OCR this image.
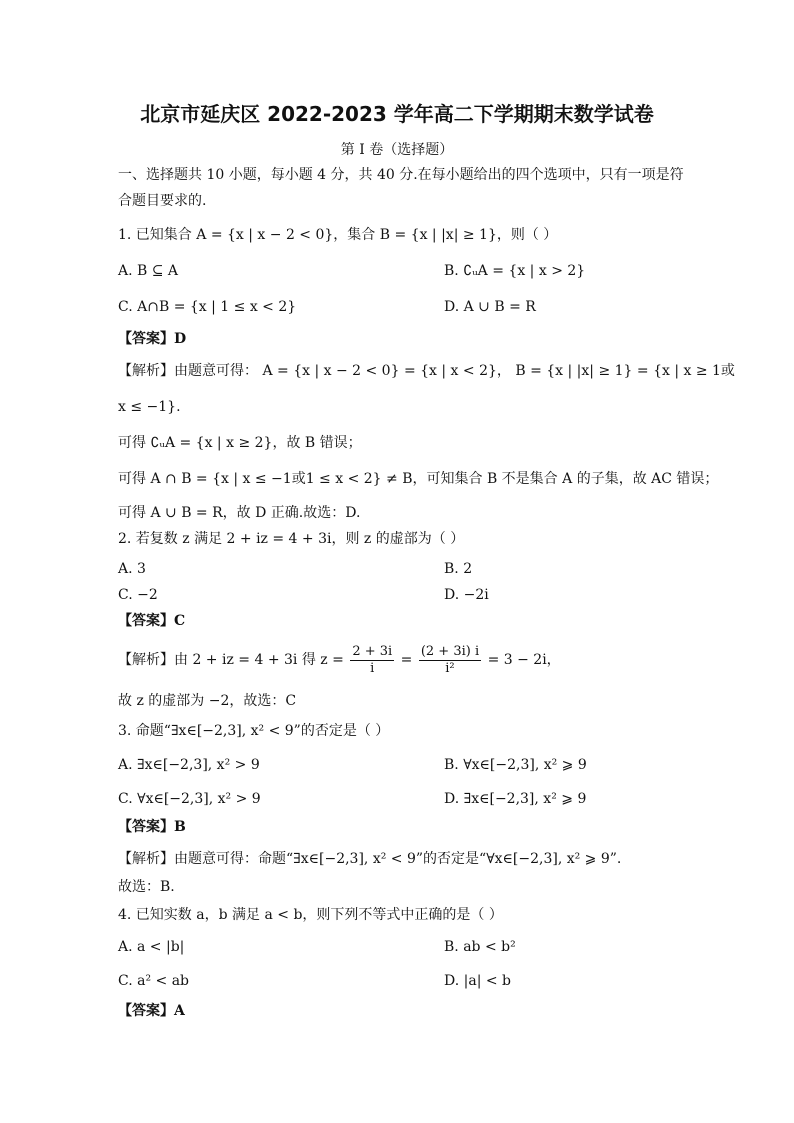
北京市延庆区 2022-2023 学年高二下学期期末数学试卷
第 I 卷（选择题）
一、选择题共 10 小题，每小题 4 分，共 40 分.在每小题给出的四个选项中，只有一项是符
合题目要求的.
1. 已知集合 A = {x | x − 2 < 0}，集合 B = {x | |x| ≥ 1}，则（ ）
A. B ⊆ A	B. ∁ᵤA = {x | x > 2}
C. A∩B = {x | 1 ≤ x < 2}	D. A ∪ B = R
【答案】D
【解析】由题意可得： A = {x | x − 2 < 0} = {x | x < 2}， B = {x | |x| ≥ 1} = {x | x ≥ 1或
x ≤ −1}.
可得 ∁ᵤA = {x | x ≥ 2}，故 B 错误；
可得 A ∩ B = {x | x ≤ −1或1 ≤ x < 2} ≠ B，可知集合 B 不是集合 A 的子集，故 AC 错误；
可得 A ∪ B = R，故 D 正确.故选：D.
2. 若复数 z 满足 2 + iz = 4 + 3i，则 z 的虚部为（ ）
A. 3	B. 2
C. −2	D. −2i
【答案】C
【解析】由 2 + iz = 4 + 3i 得 $z = \frac{2 + 3i}{i} = \frac{(2 + 3i) i}{\text{i²}} = 3 - 2i$，
故 z 的虚部为 −2，故选：C
3. 命题“∃x∈[−2,3], x² < 9”的否定是（ ）
A. ∃x∈[−2,3], x² > 9	B. ∀x∈[−2,3], x² ⩾ 9
C. ∀x∈[−2,3], x² > 9	D. ∃x∈[−2,3], x² ⩾ 9
【答案】B
【解析】由题意可得：命题“∃x∈[−2,3], x² < 9”的否定是“∀x∈[−2,3], x² ⩾ 9”.
故选：B.
4. 已知实数 a，b 满足 a < b，则下列不等式中正确的是（ ）
A. a < |b|	B. ab < b²
C. a² < ab	D. |a| < b
【答案】A
